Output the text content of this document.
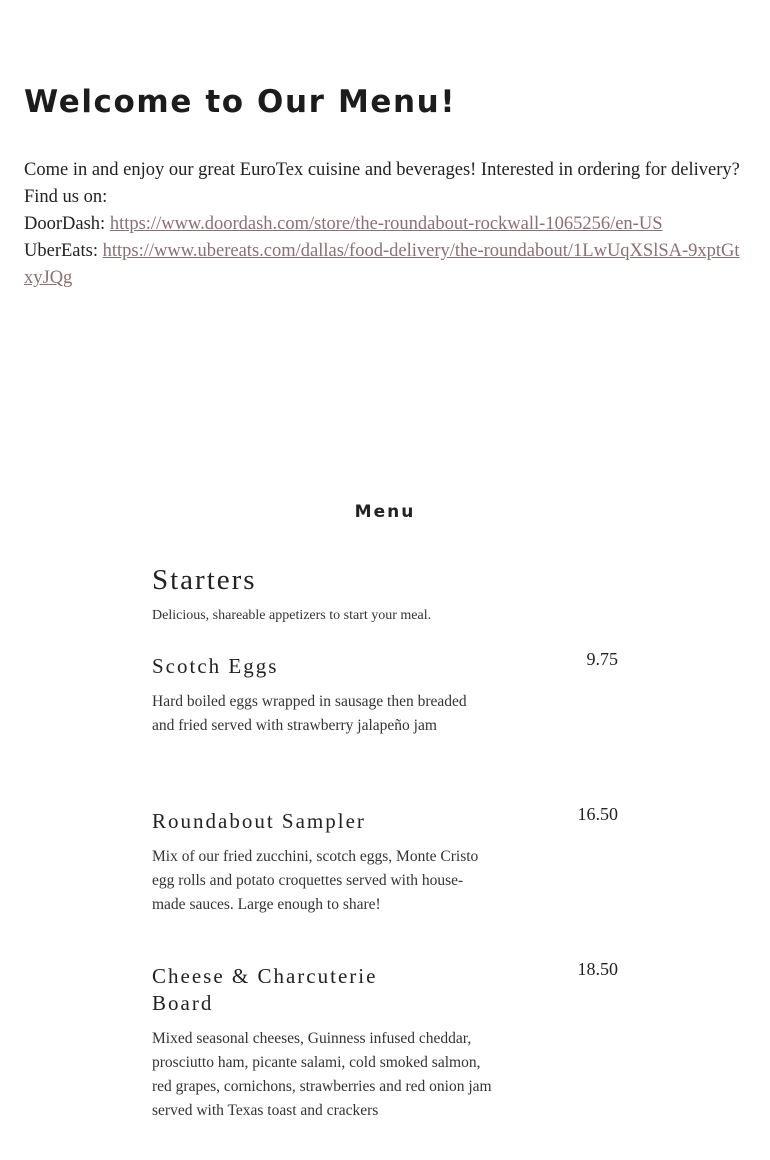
Welcome to Our Menu!
Come in and enjoy our great EuroTex cuisine and beverages! Interested in ordering for delivery?
Find us on:
DoorDash: https://www.doordash.com/store/the-roundabout-rockwall-1065256/en-US
UberEats: https://www.ubereats.com/dallas/food-delivery/the-roundabout/1LwUqXSlSA-9xptGtxyJQg
Menu
Starters

Delicious, shareable appetizers to start your meal.

Scotch Eggs	9.75

Hard boiled eggs wrapped in sausage then breaded and fried served with strawberry jalapeño jam

Roundabout Sampler	16.50

Mix of our fried zucchini, scotch eggs, Monte Cristo egg rolls and potato croquettes served with house-made sauces. Large enough to share!

Cheese & Charcuterie Board
18.50

Mixed seasonal cheeses, Guinness infused cheddar, prosciutto ham, picante salami, cold smoked salmon, red grapes, cornichons, strawberries and red onion jam served with Texas toast and crackers
